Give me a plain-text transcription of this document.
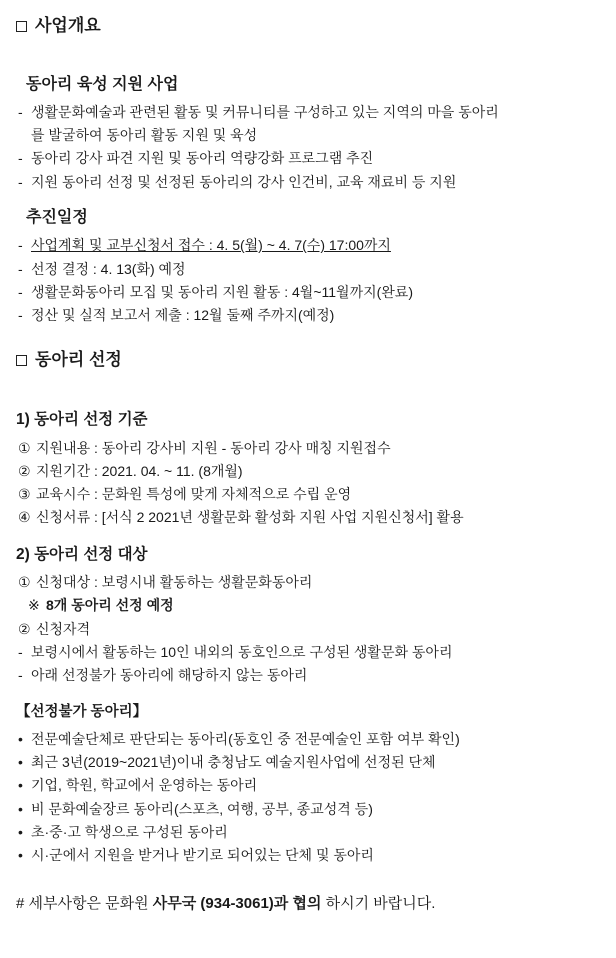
사업개요
동아리 육성 지원 사업
- 생활문화예술과 관련된 활동 및 커뮤니티를 구성하고 있는 지역의 마을 동아리
를 발굴하여 동아리 활동 지원 및 육성
- 동아리 강사 파견 지원 및 동아리 역량강화 프로그램 추진
- 지원 동아리 선정 및 선정된 동아리의 강사 인건비, 교육 재료비 등 지원
추진일정
- 사업계획 및 교부신청서 접수 : 4. 5(월) ~ 4. 7(수) 17:00까지
- 선정 결정 : 4. 13(화) 예정
- 생활문화동아리 모집 및 동아리 지원 활동 : 4월~11월까지(완료)
- 정산 및 실적 보고서 제출 : 12월 둘째 주까지(예정)
동아리 선정
1) 동아리 선정 기준
① 지원내용 : 동아리 강사비 지원 - 동아리 강사 매칭 지원접수
② 지원기간 : 2021. 04. ~ 11. (8개월)
③ 교육시수 : 문화원 특성에 맞게 자체적으로 수립 운영
④ 신청서류 : [서식 2 2021년 생활문화 활성화 지원 사업 지원신청서] 활용
2) 동아리 선정 대상
① 신청대상 : 보령시내 활동하는 생활문화동아리
※ 8개 동아리 선정 예정
② 신청자격
- 보령시에서 활동하는 10인 내외의 동호인으로 구성된 생활문화 동아리
- 아래 선정불가 동아리에 해당하지 않는 동아리
【선정불가 동아리】
• 전문예술단체로 판단되는 동아리(동호인 중 전문예술인 포함 여부 확인)
• 최근 3년(2019~2021년)이내 충청남도 예술지원사업에 선정된 단체
• 기업, 학원, 학교에서 운영하는 동아리
• 비 문화예술장르 동아리(스포츠, 여행, 공부, 종교성격 등)
• 초·중·고 학생으로 구성된 동아리
• 시·군에서 지원을 받거나 받기로 되어있는 단체 및 동아리
# 세부사항은 문화원 사무국 (934-3061)과 협의 하시기 바랍니다.
